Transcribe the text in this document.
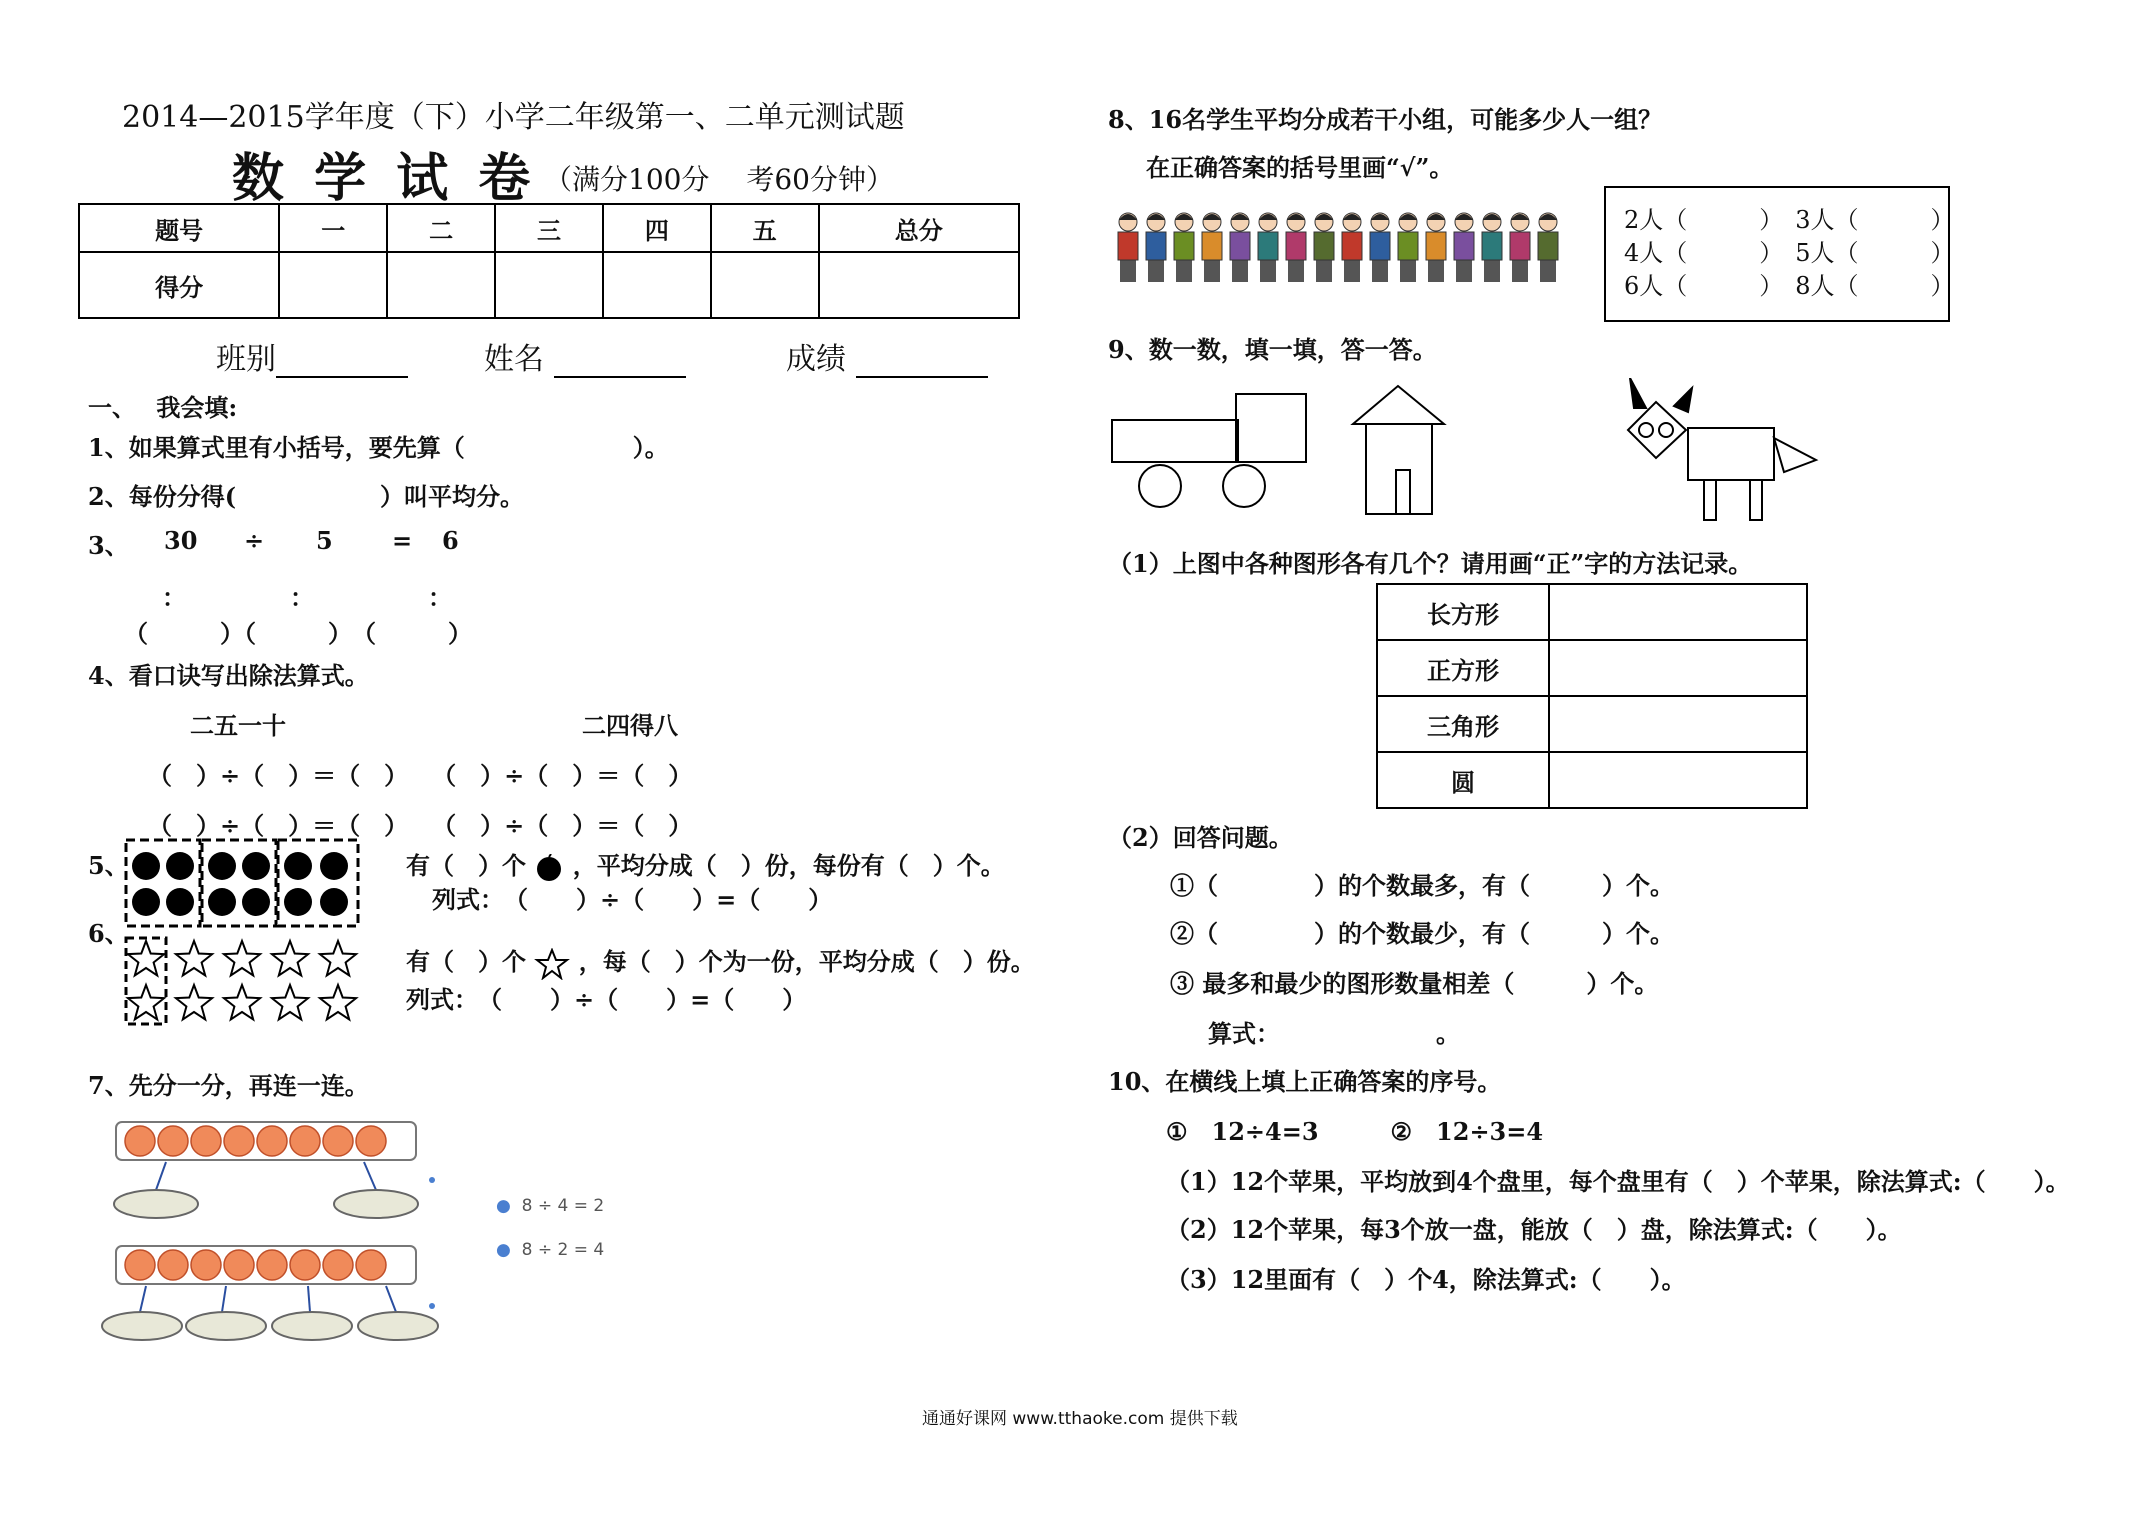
2014—2015学年度（下）小学二年级第一、二单元测试题
数 学 试 卷 （满分100分　 考60分钟）
题号	一	二	三	四	五	总分
得分						
班别	姓名	成绩
一、　 我会填:
1、如果算式里有小括号，要先算（　　　　　　　）。
2、每份分得(　　　　　　）叫平均分。
3、 30 ÷ 5 = 6
：	：	：
（　　　）（　　　）　（　　　）
4、看口诀写出除法算式。
二五一十	二四得八
（　）÷（　）＝（　）　　（　）÷（　）＝（　）
（　）÷（　）＝（　）　　（　）÷（　）＝（　）
5、
6、
有（　）个 ，平均分成（　）份，每份有（　）个。
列式：　（　　）÷（　　）=（　　）
有（　）个 ，每（　）个为一份，平均分成（　）份。
列式：　（　　）÷（　　）=（　　）
7、先分一分，再连一连。
● 8 ÷ 4 = 2
● 8 ÷ 2 = 4
8、16名学生平均分成若干小组，可能多少人一组？
在正确答案的括号里画“√”。
2人（　　　）　3人（　　　）
4人（　　　）　5人（　　　）
6人（　　　）　8人（　　　）
9、数一数，填一填，答一答。
（1）上图中各种图形各有几个？请用画“正”字的方法记录。
长方形	
正方形	
三角形	
圆	
（2）回答问题。
①（　　　　）的个数最多，有（　　　）个。
②（　　　　）的个数最少，有（　　　）个。
③ 最多和最少的图形数量相差（　　　）个。
算式：　　　　　　　。
10、在横线上填上正确答案的序号。
①　12÷4=3　　　②　12÷3=4
（1）12个苹果，平均放到4个盘里，每个盘里有（　）个苹果，除法算式:（　　）。
（2）12个苹果，每3个放一盘，能放（　）盘，除法算式:（　　）。
（3）12里面有（　）个4，除法算式:（　　）。
通通好课网 www.tthaoke.com 提供下载
